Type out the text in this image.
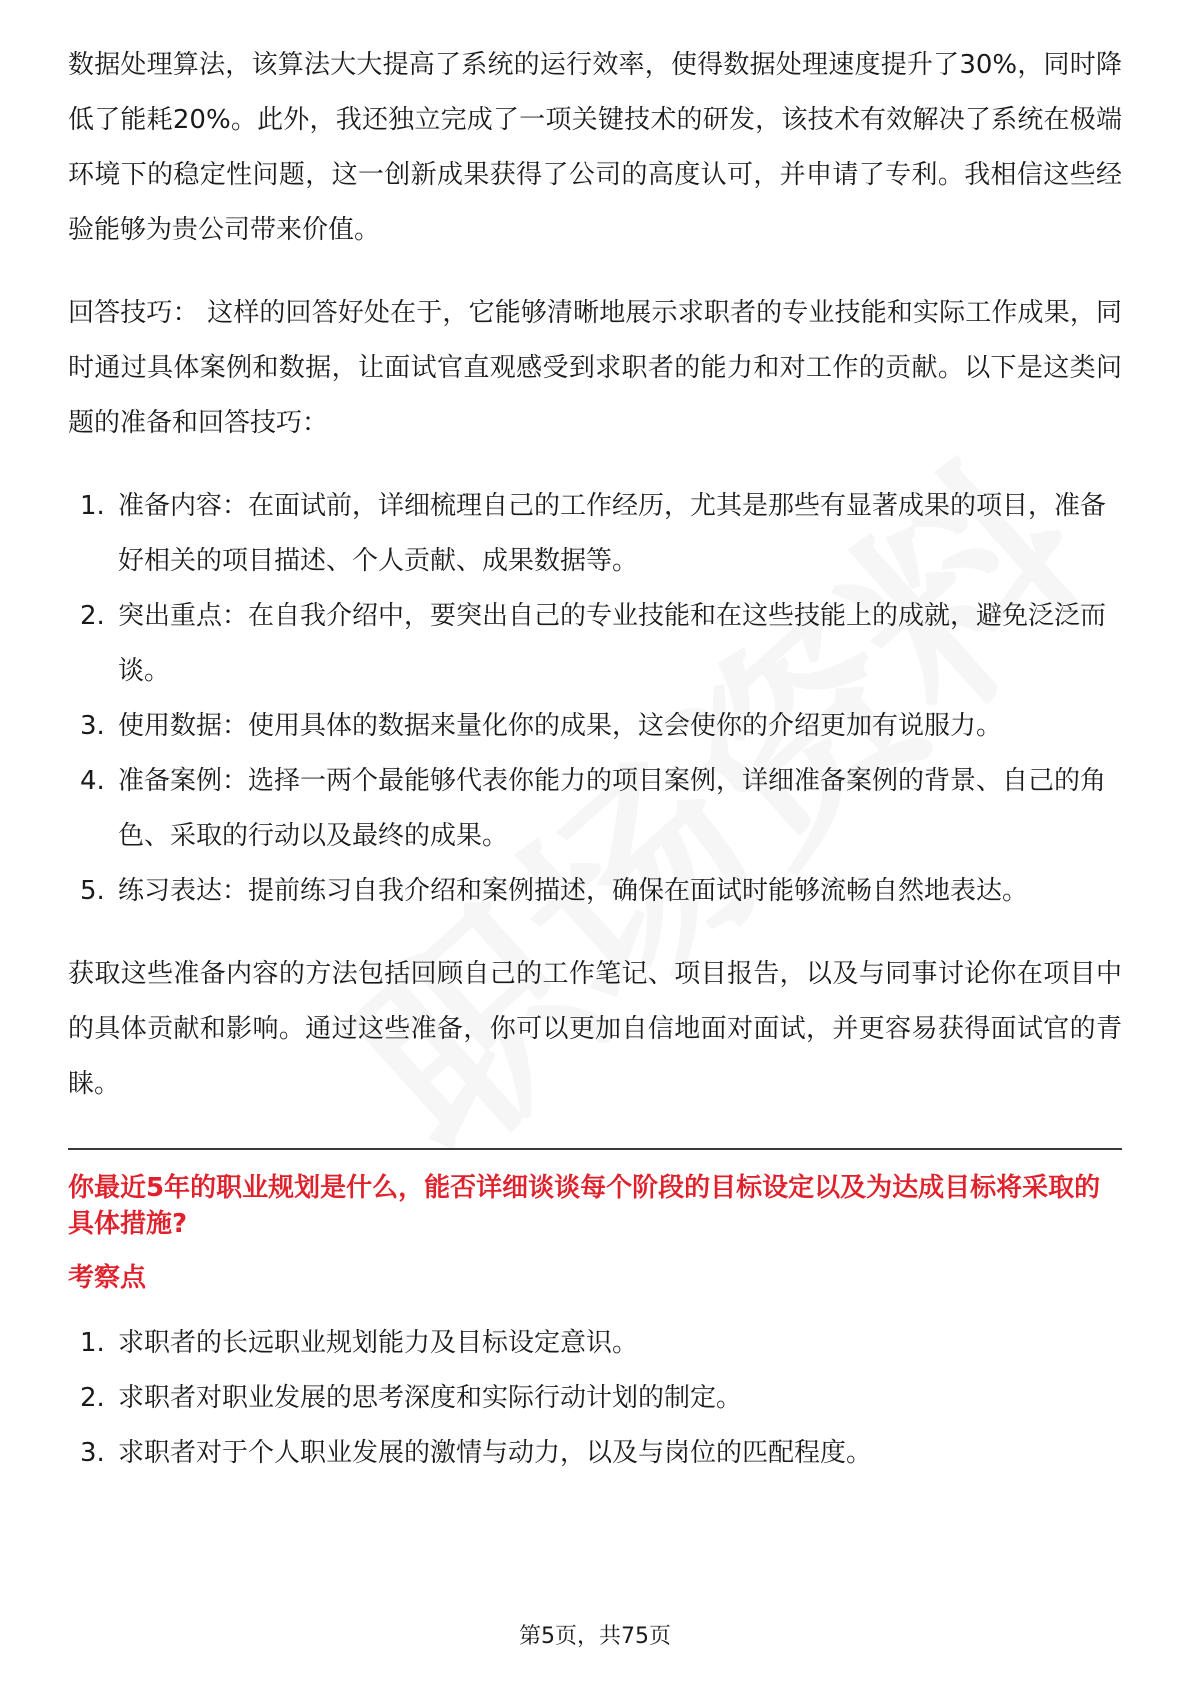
数据处理算法，该算法大大提高了系统的运行效率，使得数据处理速度提升了30%，同时降低了能耗20%。此外，我还独立完成了一项关键技术的研发，该技术有效解决了系统在极端环境下的稳定性问题，这一创新成果获得了公司的高度认可，并申请了专利。我相信这些经验能够为贵公司带来价值。

回答技巧： 这样的回答好处在于，它能够清晰地展示求职者的专业技能和实际工作成果，同时通过具体案例和数据，让面试官直观感受到求职者的能力和对工作的贡献。以下是这类问题的准备和回答技巧：

1. 准备内容：在面试前，详细梳理自己的工作经历，尤其是那些有显著成果的项目，准备好相关的项目描述、个人贡献、成果数据等。
2. 突出重点：在自我介绍中，要突出自己的专业技能和在这些技能上的成就，避免泛泛而谈。
3. 使用数据：使用具体的数据来量化你的成果，这会使你的介绍更加有说服力。
4. 准备案例：选择一两个最能够代表你能力的项目案例，详细准备案例的背景、自己的角色、采取的行动以及最终的成果。
5. 练习表达：提前练习自我介绍和案例描述，确保在面试时能够流畅自然地表达。

获取这些准备内容的方法包括回顾自己的工作笔记、项目报告，以及与同事讨论你在项目中的具体贡献和影响。通过这些准备，你可以更加自信地面对面试，并更容易获得面试官的青睐。

你最近5年的职业规划是什么，能否详细谈谈每个阶段的目标设定以及为达成目标将采取的具体措施?

考察点

1. 求职者的长远职业规划能力及目标设定意识。
2. 求职者对职业发展的思考深度和实际行动计划的制定。
3. 求职者对于个人职业发展的激情与动力，以及与岗位的匹配程度。
第5页，共75页
